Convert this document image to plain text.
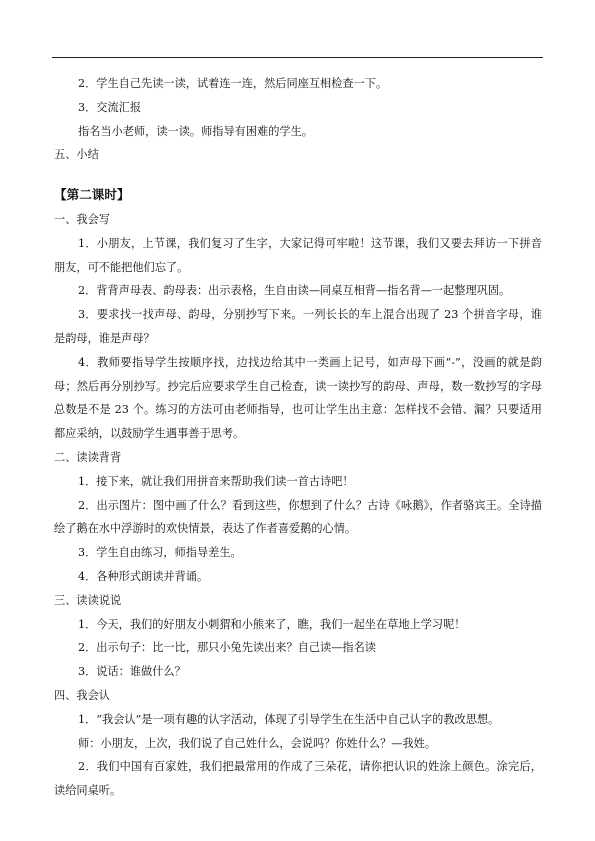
2．学生自己先读一读，试着连一连，然后同座互相检查一下。
3．交流汇报
指名当小老师，读一读。师指导有困难的学生。
五、小结
【第二课时】
一、我会写
1．小朋友，上节课，我们复习了生字，大家记得可牢啦！这节课，我们又要去拜访一下拼音朋友，可不能把他们忘了。
2．背背声母表、韵母表：出示表格，生自由读—同桌互相背—指名背—一起整理巩固。
3．要求找一找声母、韵母，分别抄写下来。一列长长的车上混合出现了 23 个拼音字母，谁是韵母，谁是声母？
4．教师要指导学生按顺序找，边找边给其中一类画上记号，如声母下画“-”，没画的就是韵母；然后再分别抄写。抄完后应要求学生自己检查，读一读抄写的韵母、声母，数一数抄写的字母总数是不是 23 个。练习的方法可由老师指导，也可让学生出主意：怎样找不会错、漏？只要适用都应采纳，以鼓励学生遇事善于思考。
二、读读背背
1．接下来，就让我们用拼音来帮助我们读一首古诗吧！
2．出示图片：图中画了什么？看到这些，你想到了什么？古诗《咏鹅》，作者骆宾王。全诗描绘了鹅在水中浮游时的欢快情景，表达了作者喜爱鹅的心情。
3．学生自由练习，师指导差生。
4．各种形式朗读并背诵。
三、读读说说
1．今天，我们的好朋友小刺猬和小熊来了，瞧，我们一起坐在草地上学习呢！
2．出示句子：比一比，那只小兔先读出来？自己读—指名读
3．说话：谁做什么？
四、我会认
1．“我会认”是一项有趣的认字活动，体现了引导学生在生活中自己认字的教改思想。
师：小朋友，上次，我们说了自己姓什么，会说吗？你姓什么？—我姓。
2．我们中国有百家姓，我们把最常用的作成了三朵花，请你把认识的姓涂上颜色。涂完后，读给同桌听。
